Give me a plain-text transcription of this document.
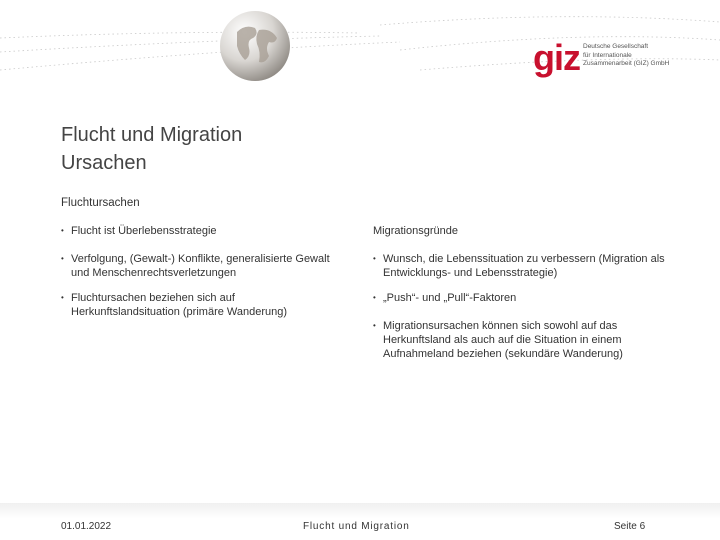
giz Deutsche Gesellschaft
für Internationale
Zusammenarbeit (GIZ) GmbH
Flucht und Migration
Ursachen
Fluchtursachen
• Flucht ist Überlebensstrategie
• Verfolgung, (Gewalt-) Konflikte, generalisierte Gewalt und Menschenrechtsverletzungen
• Fluchtursachen beziehen sich auf Herkunftslandsituation (primäre Wanderung)
Migrationsgründe
• Wunsch, die Lebenssituation zu verbessern (Migration als Entwicklungs- und Lebensstrategie)
• „Push“- und „Pull“-Faktoren
• Migrationsursachen können sich sowohl auf das Herkunftsland als auch auf die Situation in einem Aufnahmeland beziehen (sekundäre Wanderung)
01.01.2022	Flucht und Migration	Seite 6
